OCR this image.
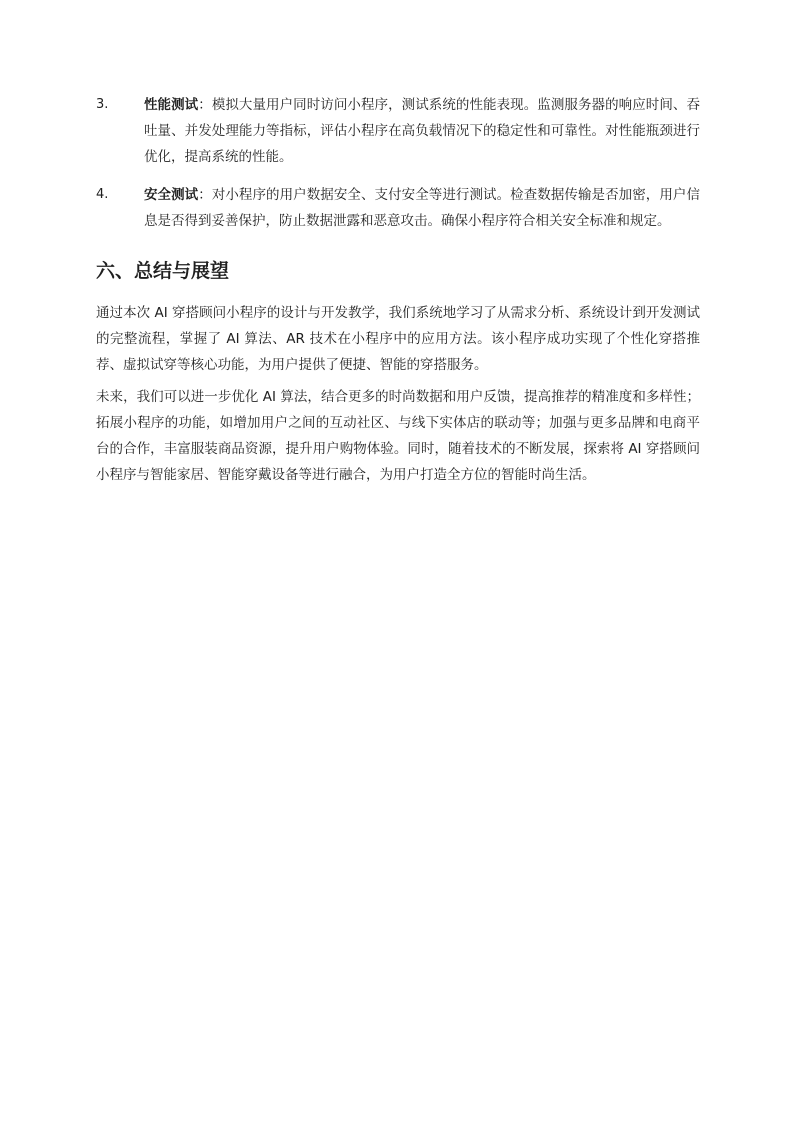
3.	性能测试：模拟大量用户同时访问小程序，测试系统的性能表现。监测服务器的响应时间、吞吐量、并发处理能力等指标，评估小程序在高负载情况下的稳定性和可靠性。对性能瓶颈进行优化，提高系统的性能。
4.	安全测试：对小程序的用户数据安全、支付安全等进行测试。检查数据传输是否加密，用户信息是否得到妥善保护，防止数据泄露和恶意攻击。确保小程序符合相关安全标准和规定。
六、总结与展望

通过本次 AI 穿搭顾问小程序的设计与开发教学，我们系统地学习了从需求分析、系统设计到开发测试的完整流程，掌握了 AI 算法、AR 技术在小程序中的应用方法。该小程序成功实现了个性化穿搭推荐、虚拟试穿等核心功能，为用户提供了便捷、智能的穿搭服务。

未来，我们可以进一步优化 AI 算法，结合更多的时尚数据和用户反馈，提高推荐的精准度和多样性；拓展小程序的功能，如增加用户之间的互动社区、与线下实体店的联动等；加强与更多品牌和电商平台的合作，丰富服装商品资源，提升用户购物体验。同时，随着技术的不断发展，探索将 AI 穿搭顾问小程序与智能家居、智能穿戴设备等进行融合，为用户打造全方位的智能时尚生活。
